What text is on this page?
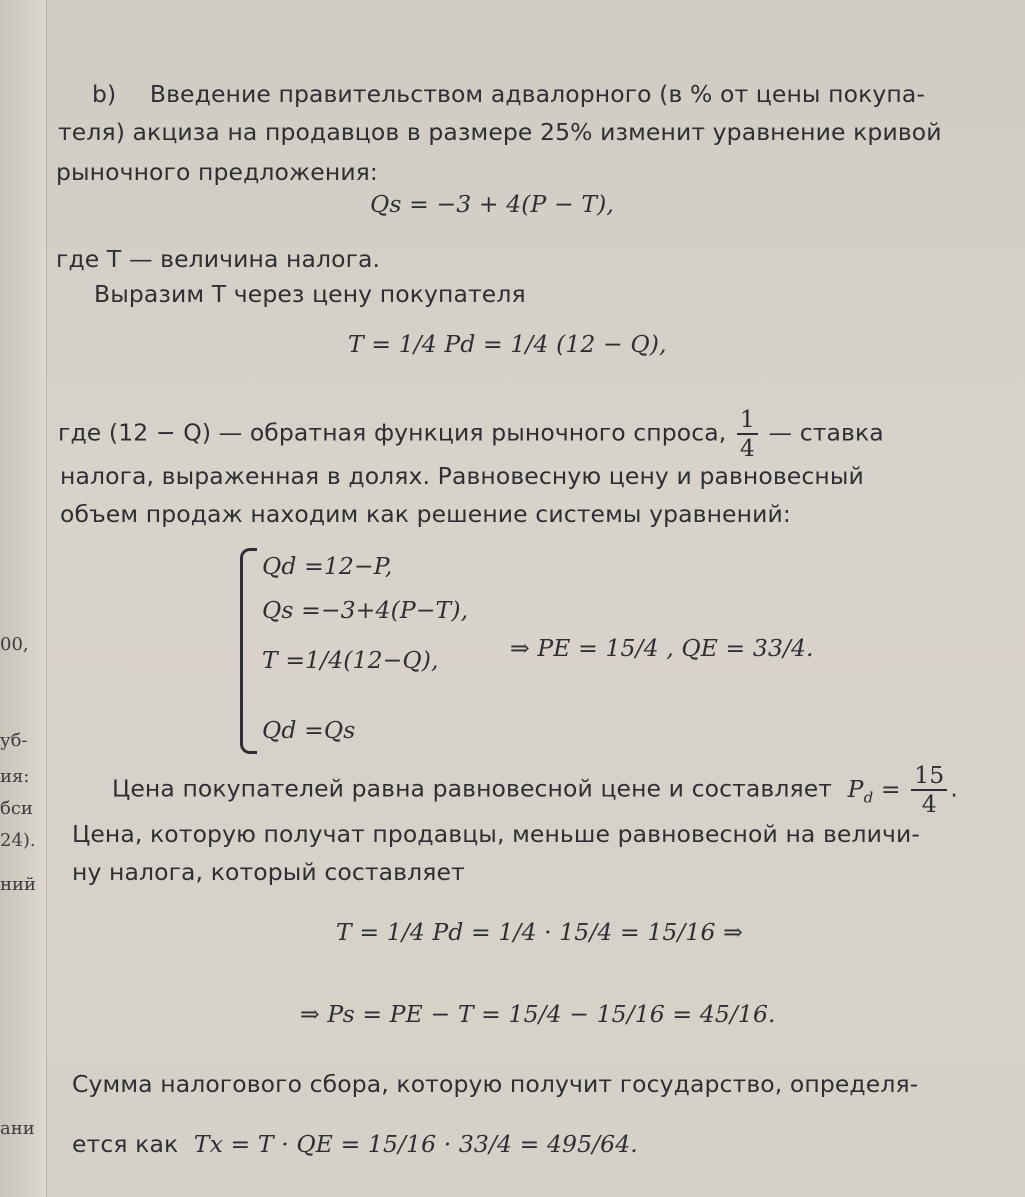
00,
уб-
ия:
бси
24).
ний
ани
b) Введение правительством адвалорного (в % от цены покупа-
теля) акциза на продавцов в размере 25% изменит уравнение кривой
рыночного предложения:
Qs = −3 + 4(P − T),
где T — величина налога.
Выразим T через цену покупателя
T = 1/4 Pd = 1/4 (12 − Q),
где (12 − Q) — обратная функция рыночного спроса, $\frac{1}{4}$ — ставка
налога, выраженная в долях. Равновесную цену и равновесный
объем продаж находим как решение системы уравнений:
Qd =12−P,
Qs =−3+4(P−T),
T =1/4(12−Q),
Qd =Qs
⇒ PE = 15/4 , QE = 33/4.
Цена покупателей равна равновесной цене и составляет $P_d = \frac{15}{4}$ .
Цена, которую получат продавцы, меньше равновесной на величи-
ну налога, который составляет
T = 1/4 Pd = 1/4 · 15/4 = 15/16 ⇒
⇒ Ps = PE − T = 15/4 − 15/16 = 45/16.
Сумма налогового сбора, которую получит государство, определя-
ется как Tx = T · QE = 15/16 · 33/4 = 495/64.
